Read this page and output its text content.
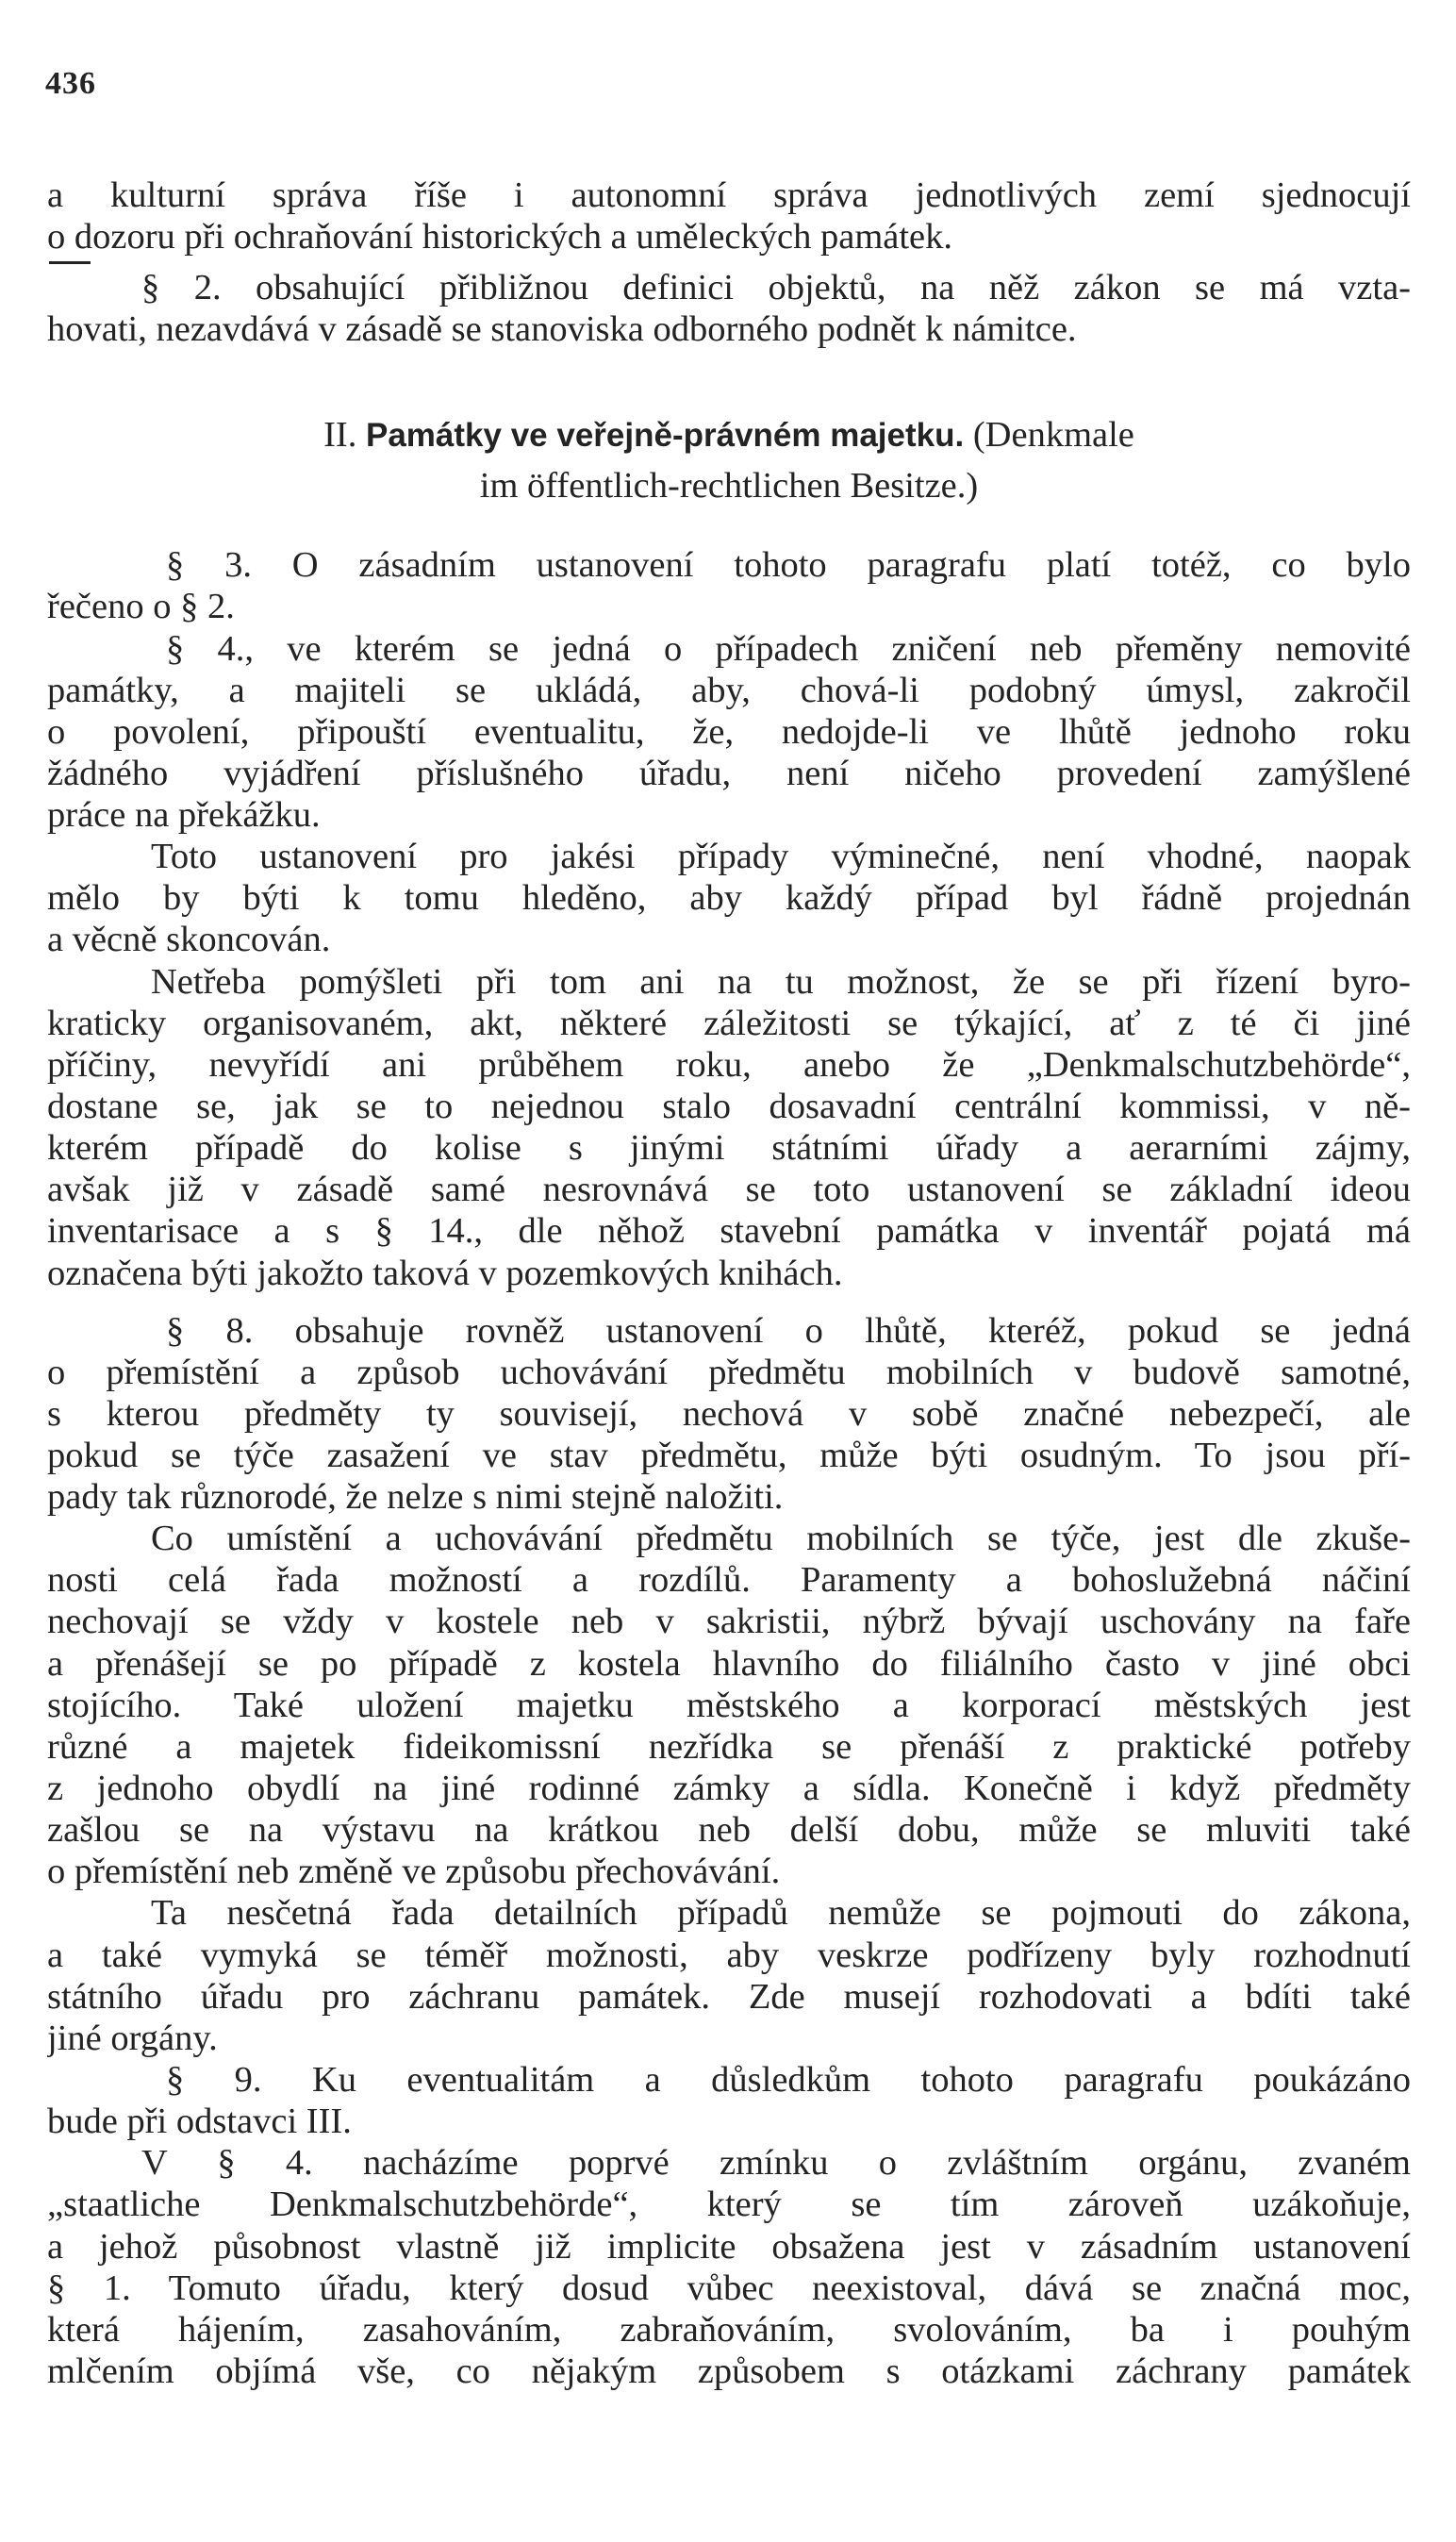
436
a kulturní správa říše i autonomní správa jednotlivých zemí sjednocují
o dozoru při ochraňování historických a uměleckých památek.
§ 2. obsahující přibližnou definici objektů, na něž zákon se má vzta-
hovati, nezavdává v zásadě se stanoviska odborného podnět k námitce.
II. Památky ve veřejně-právném majetku. (Denkmale
im öffentlich-rechtlichen Besitze.)
§ 3. O zásadním ustanovení tohoto paragrafu platí totéž, co bylo
řečeno o § 2.
§ 4., ve kterém se jedná o případech zničení neb přeměny nemovité
památky, a majiteli se ukládá, aby, chová-li podobný úmysl, zakročil
o povolení, připouští eventualitu, že, nedojde-li ve lhůtě jednoho roku
žádného vyjádření příslušného úřadu, není ničeho provedení zamýšlené
práce na překážku.
Toto ustanovení pro jakési případy výminečné, není vhodné, naopak
mělo by býti k tomu hleděno, aby každý případ byl řádně projednán
a věcně skoncován.
Netřeba pomýšleti při tom ani na tu možnost, že se při řízení byro-
kraticky organisovaném, akt, některé záležitosti se týkající, ať z té či jiné
příčiny, nevyřídí ani průběhem roku, anebo že „Denkmalschutzbehörde“,
dostane se, jak se to nejednou stalo dosavadní centrální kommissi, v ně-
kterém případě do kolise s jinými státními úřady a aerarními zájmy,
avšak již v zásadě samé nesrovnává se toto ustanovení se základní ideou
inventarisace a s § 14., dle něhož stavební památka v inventář pojatá má
označena býti jakožto taková v pozemkových knihách.
§ 8. obsahuje rovněž ustanovení o lhůtě, kteréž, pokud se jedná
o přemístění a způsob uchovávání předmětu mobilních v budově samotné,
s kterou předměty ty souvisejí, nechová v sobě značné nebezpečí, ale
pokud se týče zasažení ve stav předmětu, může býti osudným. To jsou pří-
pady tak různorodé, že nelze s nimi stejně naložiti.
Co umístění a uchovávání předmětu mobilních se týče, jest dle zkuše-
nosti celá řada možností a rozdílů. Paramenty a bohoslužebná náčiní
nechovají se vždy v kostele neb v sakristii, nýbrž bývají uschovány na faře
a přenášejí se po případě z kostela hlavního do filiálního často v jiné obci
stojícího. Také uložení majetku městského a korporací městských jest
různé a majetek fideikomissní nezřídka se přenáší z praktické potřeby
z jednoho obydlí na jiné rodinné zámky a sídla. Konečně i když předměty
zašlou se na výstavu na krátkou neb delší dobu, může se mluviti také
o přemístění neb změně ve způsobu přechovávání.
Ta nesčetná řada detailních případů nemůže se pojmouti do zákona,
a také vymyká se téměř možnosti, aby veskrze podřízeny byly rozhodnutí
státního úřadu pro záchranu památek. Zde musejí rozhodovati a bdíti také
jiné orgány.
§ 9. Ku eventualitám a důsledkům tohoto paragrafu poukázáno
bude při odstavci III.
V § 4. nacházíme poprvé zmínku o zvláštním orgánu, zvaném
„staatliche Denkmalschutzbehörde“, který se tím zároveň uzákoňuje,
a jehož působnost vlastně již implicite obsažena jest v zásadním ustanovení
§ 1. Tomuto úřadu, který dosud vůbec neexistoval, dává se značná moc,
která hájením, zasahováním, zabraňováním, svolováním, ba i pouhým
mlčením objímá vše, co nějakým způsobem s otázkami záchrany památek
